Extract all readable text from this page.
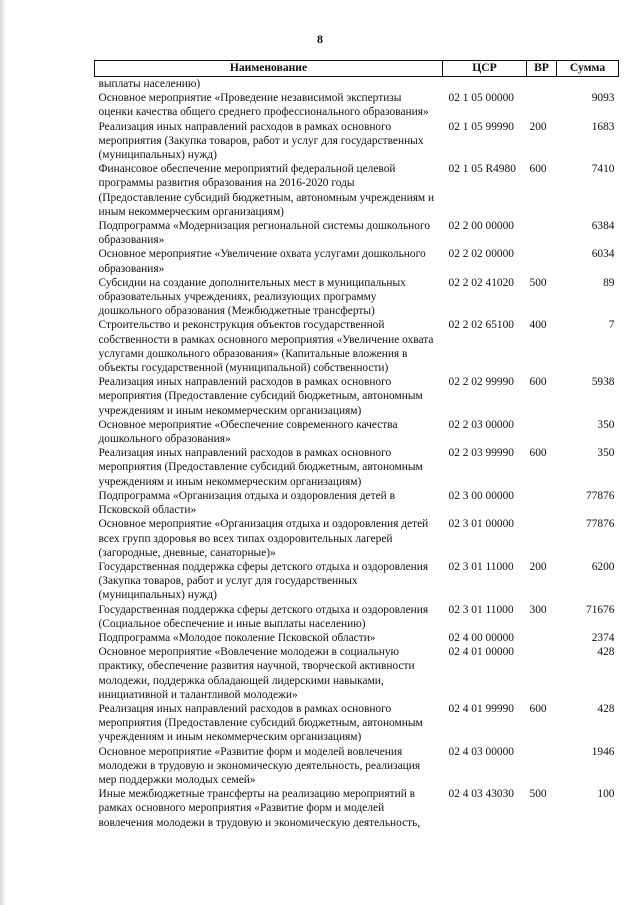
8
Наименование	ЦСР	ВР	Сумма
выплаты населению)			
Основное мероприятие «Проведение независимой экспертизы оценки качества общего среднего профессионального образования»	02 1 05 00000		9093
Реализация иных направлений расходов в рамках основного мероприятия (Закупка товаров, работ и услуг для государственных (муниципальных) нужд)	02 1 05 99990	200	1683
Финансовое обеспечение мероприятий федеральной целевой программы развития образования на 2016-2020 годы (Предоставление субсидий бюджетным, автономным учреждениям и иным некоммерческим организациям)	02 1 05 R4980	600	7410
Подпрограмма «Модернизация региональной системы дошкольного образования»	02 2 00 00000		6384
Основное мероприятие «Увеличение охвата услугами дошкольного образования»	02 2 02 00000		6034
Субсидии на создание дополнительных мест в муниципальных образовательных учреждениях, реализующих программу дошкольного образования (Межбюджетные трансферты)	02 2 02 41020	500	89
Строительство и реконструкция объектов государственной собственности в рамках основного мероприятия «Увеличение охвата услугами дошкольного образования» (Капитальные вложения в объекты государственной (муниципальной) собственности)	02 2 02 65100	400	7
Реализация иных направлений расходов в рамках основного мероприятия (Предоставление субсидий бюджетным, автономным учреждениям и иным некоммерческим организациям)	02 2 02 99990	600	5938
Основное мероприятие «Обеспечение современного качества дошкольного образования»	02 2 03 00000		350
Реализация иных направлений расходов в рамках основного мероприятия (Предоставление субсидий бюджетным, автономным учреждениям и иным некоммерческим организациям)	02 2 03 99990	600	350
Подпрограмма «Организация отдыха и оздоровления детей в Псковской области»	02 3 00 00000		77876
Основное мероприятие «Организация отдыха и оздоровления детей всех групп здоровья во всех типах оздоровительных лагерей (загородные, дневные, санаторные)»	02 3 01 00000		77876
Государственная поддержка сферы детского отдыха и оздоровления (Закупка товаров, работ и услуг для государственных (муниципальных) нужд)	02 3 01 11000	200	6200
Государственная поддержка сферы детского отдыха и оздоровления (Социальное обеспечение и иные выплаты населению)	02 3 01 11000	300	71676
Подпрограмма «Молодое поколение Псковской области»	02 4 00 00000		2374
Основное мероприятие «Вовлечение молодежи в социальную практику, обеспечение развития научной, творческой активности молодежи, поддержка обладающей лидерскими навыками, инициативной и талантливой молодежи»	02 4 01 00000		428
Реализация иных направлений расходов в рамках основного мероприятия (Предоставление субсидий бюджетным, автономным учреждениям и иным некоммерческим организациям)	02 4 01 99990	600	428
Основное мероприятие «Развитие форм и моделей вовлечения молодежи в трудовую и экономическую деятельность, реализация мер поддержки молодых семей»	02 4 03 00000		1946
Иные межбюджетные трансферты на реализацию мероприятий в рамках основного мероприятия «Развитие форм и моделей вовлечения молодежи в трудовую и экономическую деятельность,	02 4 03 43030	500	100
